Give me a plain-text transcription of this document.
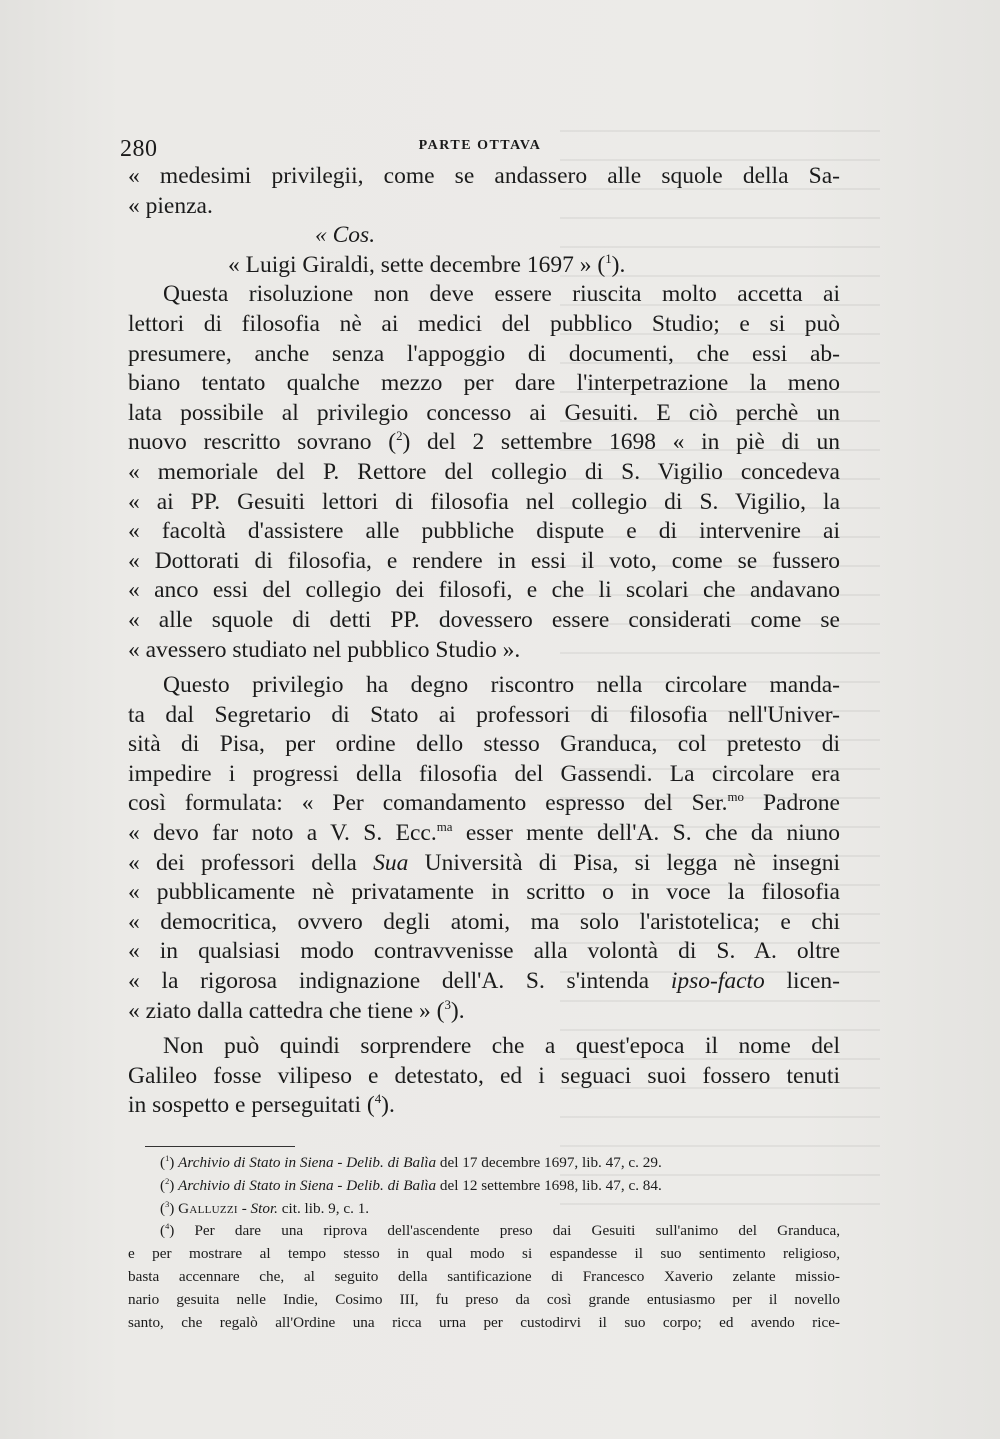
280	PARTE OTTAVA
« medesimi privilegii, come se andassero alle squole della Sa-
« pienza.
« Cos.
« Luigi Giraldi, sette decembre 1697 » ($^1$).
Questa risoluzione non deve essere riuscita molto accetta ai
lettori di filosofia nè ai medici del pubblico Studio; e si può
presumere, anche senza l'appoggio di documenti, che essi ab-
biano tentato qualche mezzo per dare l'interpetrazione la meno
lata possibile al privilegio concesso ai Gesuiti. E ciò perchè un
nuovo rescritto sovrano ($^2$) del 2 settembre 1698 « in piè di un
« memoriale del P. Rettore del collegio di S. Vigilio concedeva
« ai PP. Gesuiti lettori di filosofia nel collegio di S. Vigilio, la
« facoltà d'assistere alle pubbliche dispute e di intervenire ai
« Dottorati di filosofia, e rendere in essi il voto, come se fussero
« anco essi del collegio dei filosofi, e che li scolari che andavano
« alle squole di detti PP. dovessero essere considerati come se
« avessero studiato nel pubblico Studio ».
Questo privilegio ha degno riscontro nella circolare manda-
ta dal Segretario di Stato ai professori di filosofia nell'Univer-
sità di Pisa, per ordine dello stesso Granduca, col pretesto di
impedire i progressi della filosofia del Gassendi. La circolare era
così formulata: « Per comandamento espresso del Ser.$^{mo}$ Padrone
« devo far noto a V. S. Ecc.$^{ma}$ esser mente dell'A. S. che da niuno
« dei professori della Sua Università di Pisa, si legga nè insegni
« pubblicamente nè privatamente in scritto o in voce la filosofia
« democritica, ovvero degli atomi, ma solo l'aristotelica; e chi
« in qualsiasi modo contravvenisse alla volontà di S. A. oltre
« la rigorosa indignazione dell'A. S. s'intenda ipso-facto licen-
« ziato dalla cattedra che tiene » ($^3$).
Non può quindi sorprendere che a quest'epoca il nome del
Galileo fosse vilipeso e detestato, ed i seguaci suoi fossero tenuti
in sospetto e perseguitati ($^4$).
($^1$) Archivio di Stato in Siena - Delib. di Balìa del 17 decembre 1697, lib. 47, c. 29.
($^2$) Archivio di Stato in Siena - Delib. di Balìa del 12 settembre 1698, lib. 47, c. 84.
($^3$) Galluzzi - Stor. cit. lib. 9, c. 1.
($^4$) Per dare una riprova dell'ascendente preso dai Gesuiti sull'animo del Granduca,
e per mostrare al tempo stesso in qual modo si espandesse il suo sentimento religioso,
basta accennare che, al seguito della santificazione di Francesco Xaverio zelante missio-
nario gesuita nelle Indie, Cosimo III, fu preso da così grande entusiasmo per il novello
santo, che regalò all'Ordine una ricca urna per custodirvi il suo corpo; ed avendo rice-
